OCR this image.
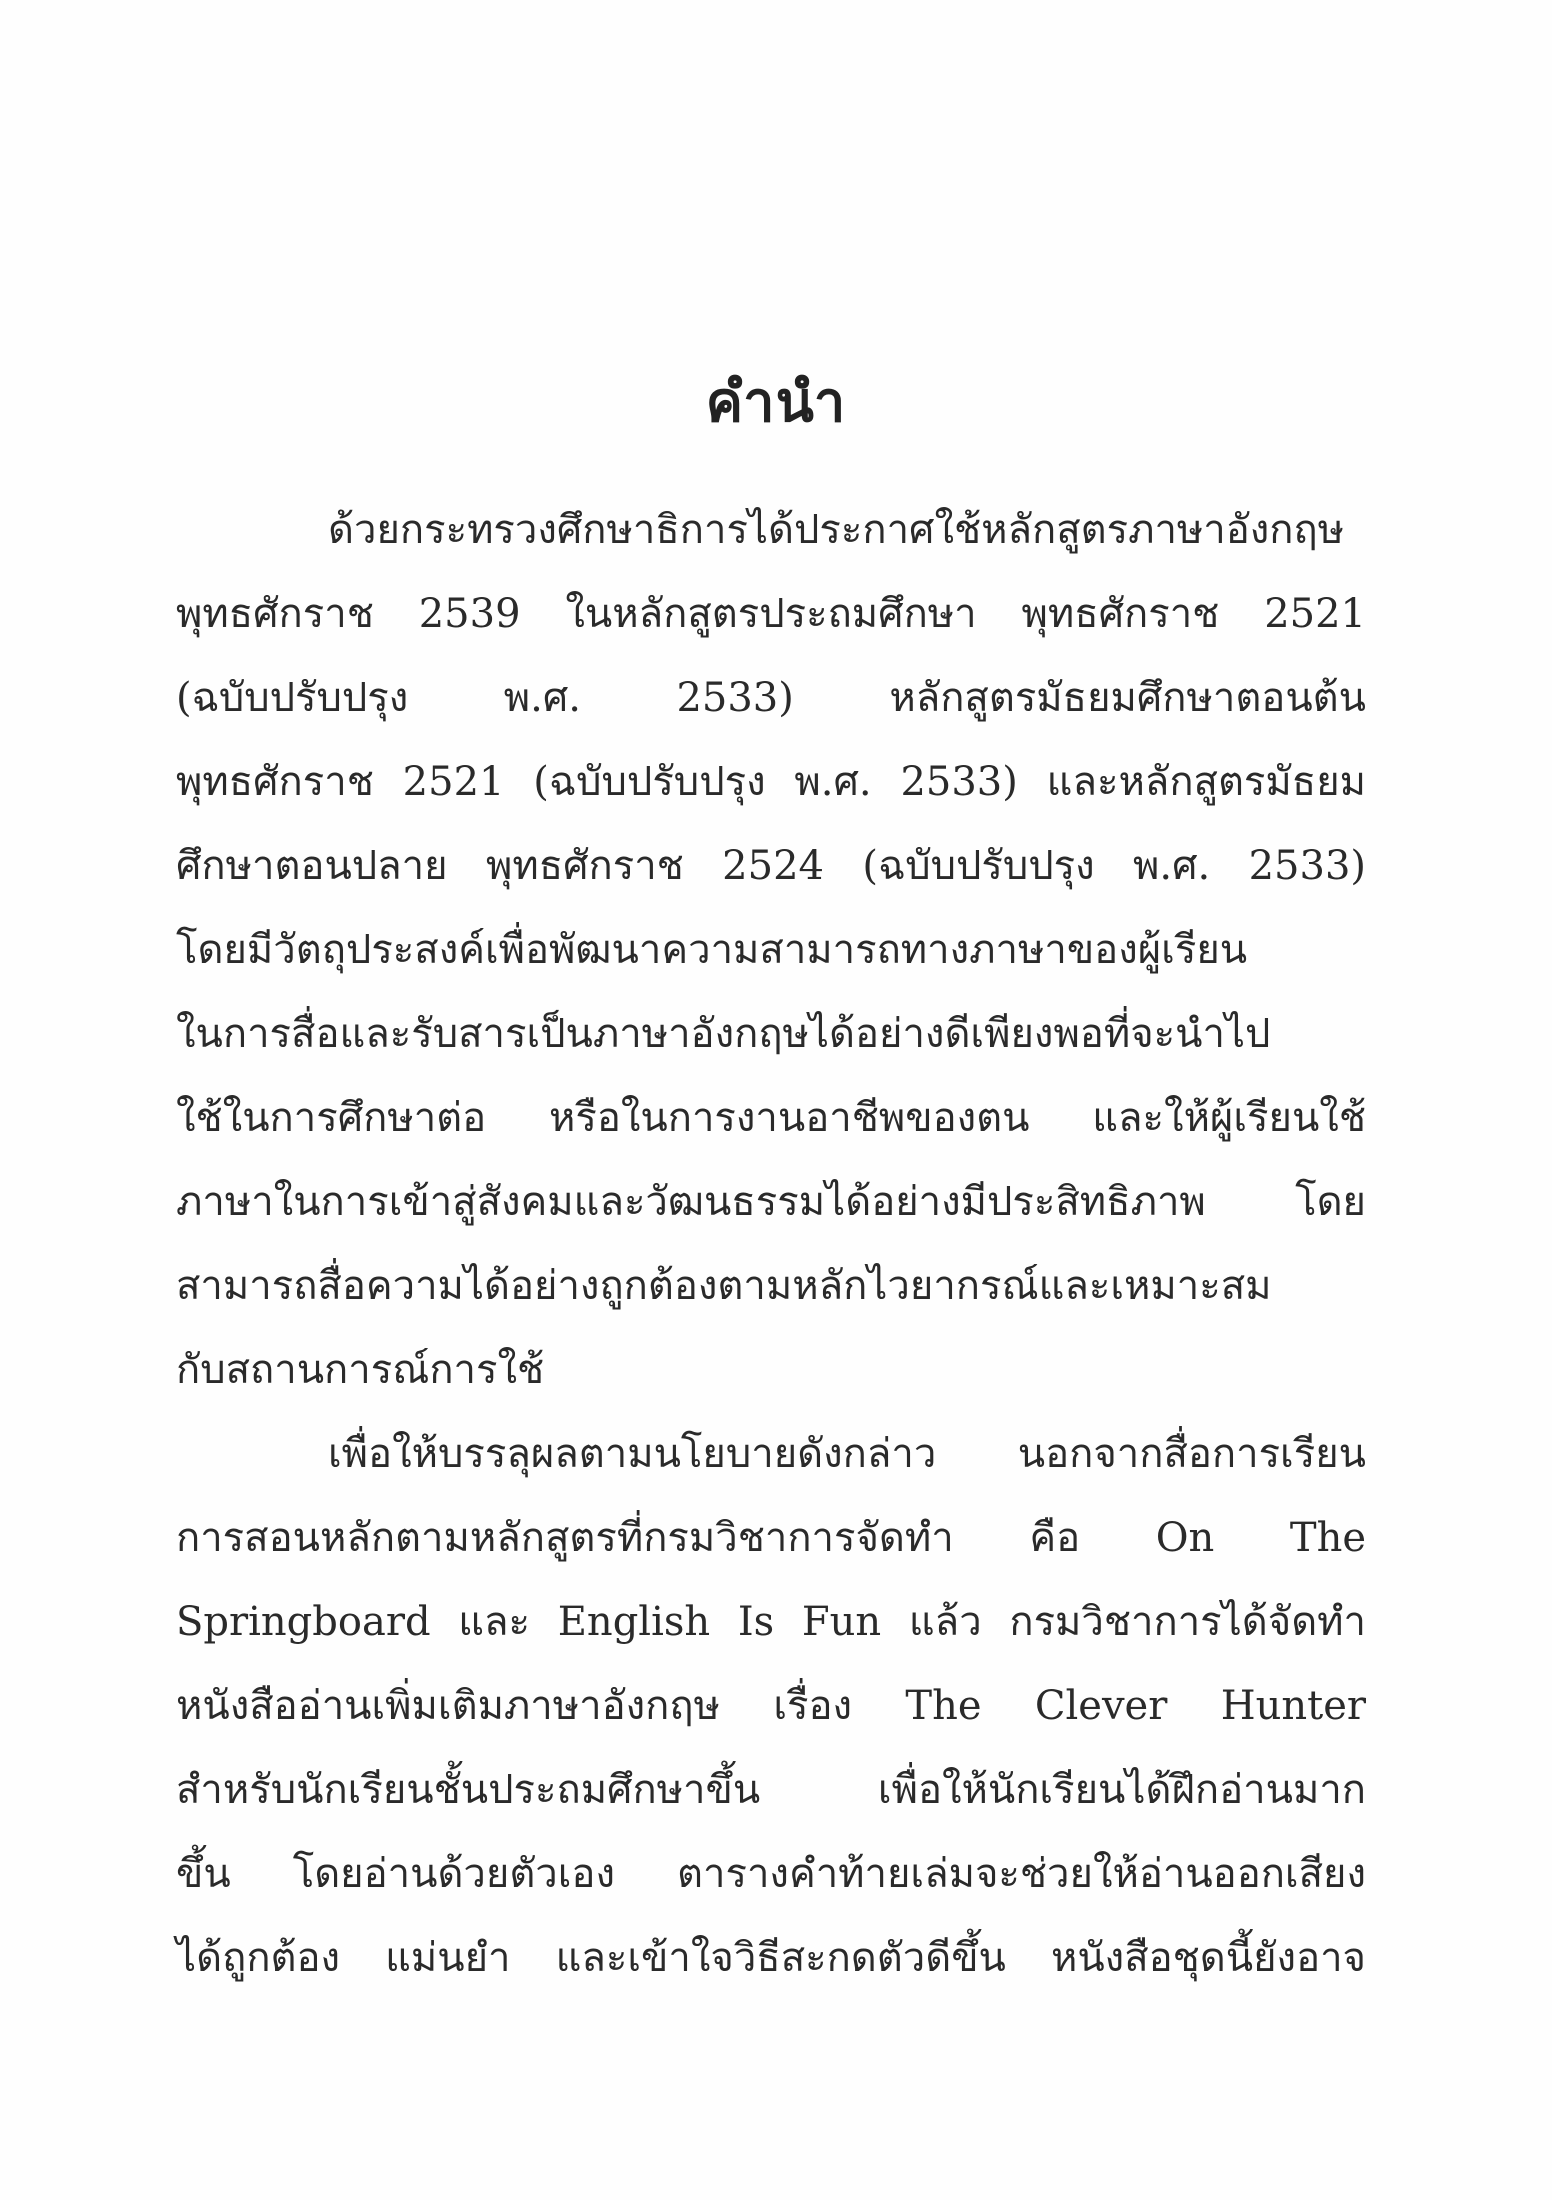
คำนำ
ด้วยกระทรวงศึกษาธิการได้ประกาศใช้หลักสูตรภาษาอังกฤษ
พุทธศักราช 2539 ในหลักสูตรประถมศึกษา พุทธศักราช 2521
(ฉบับปรับปรุง พ.ศ. 2533) หลักสูตรมัธยมศึกษาตอนต้น
พุทธศักราช 2521 (ฉบับปรับปรุง พ.ศ. 2533) และหลักสูตรมัธยม
ศึกษาตอนปลาย พุทธศักราช 2524 (ฉบับปรับปรุง พ.ศ. 2533)
โดยมีวัตถุประสงค์เพื่อพัฒนาความสามารถทางภาษาของผู้เรียน
ในการสื่อและรับสารเป็นภาษาอังกฤษได้อย่างดีเพียงพอที่จะนำไป
ใช้ในการศึกษาต่อ หรือในการงานอาชีพของตน และให้ผู้เรียนใช้
ภาษาในการเข้าสู่สังคมและวัฒนธรรมได้อย่างมีประสิทธิภาพ โดย
สามารถสื่อความได้อย่างถูกต้องตามหลักไวยากรณ์และเหมาะสม
กับสถานการณ์การใช้
เพื่อให้บรรลุผลตามนโยบายดังกล่าว นอกจากสื่อการเรียน
การสอนหลักตามหลักสูตรที่กรมวิชาการจัดทำ คือ On The
Springboard และ English Is Fun แล้ว กรมวิชาการได้จัดทำ
หนังสืออ่านเพิ่มเติมภาษาอังกฤษ เรื่อง The Clever Hunter
สำหรับนักเรียนชั้นประถมศึกษาขึ้น เพื่อให้นักเรียนได้ฝึกอ่านมาก
ขึ้น โดยอ่านด้วยตัวเอง ตารางคำท้ายเล่มจะช่วยให้อ่านออกเสียง
ได้ถูกต้อง แม่นยำ และเข้าใจวิธีสะกดตัวดีขึ้น หนังสือชุดนี้ยังอาจ
